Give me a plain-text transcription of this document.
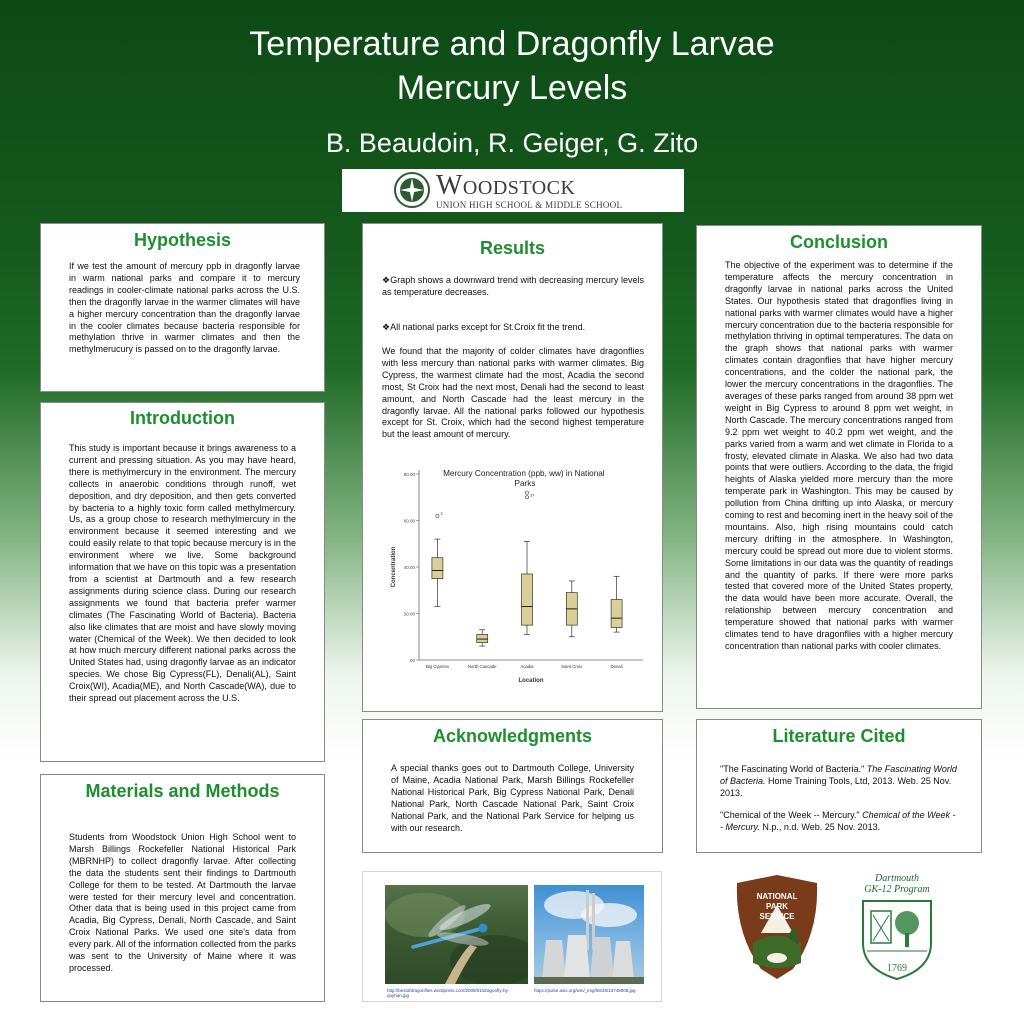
Temperature and Dragonfly Larvae
Mercury Levels
B. Beaudoin, R. Geiger, G. Zito
Woodstock
UNION HIGH SCHOOL & MIDDLE SCHOOL
Hypothesis
If we test the amount of mercury ppb in dragonfly larvae in warm national parks and compare it to mercury readings in cooler-climate national parks across the U.S. then the dragonfly larvae in the warmer climates will have a higher mercury concentration than the dragonfly larvae in the cooler climates because bacteria responsible for methylation thrive in warmer climates and then the methylmerucury is passed on to the dragonfly larvae.
Introduction
This study is important because it brings awareness to a current and pressing situation. As you may have heard, there is methylmercury in the environment. The mercury collects in anaerobic conditions through runoff, wet deposition, and dry deposition, and then gets converted by bacteria to a highly toxic form called methylmercury. Us, as a group chose to research methylmercury in the environment because it seemed interesting and we could easily relate to that topic because mercury is in the environment where we live. Some background information that we have on this topic was a presentation from a scientist at Dartmouth and a few research assignments during science class. During our research assignments we found that bacteria prefer warmer climates (The Fascinating World of Bacteria). Bacteria also like climates that are moist and have slowly moving water (Chemical of the Week). We then decided to look at how much mercury different national parks across the United States had, using dragonfly larvae as an indicator species. We chose Big Cypress(FL), Denali(AL), Saint Croix(WI), Acadia(ME), and North Cascade(WA), due to their spread out placement across the U.S.
Materials and Methods
Students from Woodstock Union High School went to Marsh Billings Rockefeller National Historical Park (MBRNHP) to collect dragonfly larvae. After collecting the data the students sent their findings to Dartmouth College for them to be tested. At Dartmouth the larvae were tested for their mercury level and concentration. Other data that is being used in this project came from Acadia, Big Cypress, Denali, North Cascade, and Saint Croix National Parks. We used one site's data from every park. All of the information collected from the parks was sent to the University of Maine where it was processed.
Results
❖Graph shows a downward trend with decreasing mercury levels as temperature decreases.
❖All national parks except for St.Croix fit the trend.
We found that the majority of colder climates have dragonflies with less mercury than national parks with warmer climates. Big Cypress, the warmest climate had the most, Acadia the second most, St Croix had the next most, Denali had the second to least amount, and North Cascade had the least mercury in the dragonfly larvae. All the national parks followed our hypothesis except for St. Croix, which had the second highest temperature but the least amount of mercury.
Mercury Concentration (ppb, ww) in National Parks
.00
20.00
40.00
60.00
80.00
Concentration
Location
Big Cypress	North Cascade	Acadia	Saint Croix	Denali
3
37
Conclusion
The objective of the experiment was to determine if the temperature affects the mercury concentration in dragonfly larvae in national parks across the United States. Our hypothesis stated that dragonflies living in national parks with warmer climates would have a higher mercury concentration due to the bacteria responsible for methylation thriving in optimal temperatures. The data on the graph shows that national parks with warmer climates contain dragonflies that have higher mercury concentrations, and the colder the national park, the lower the mercury concentrations in the dragonflies. The averages of these parks ranged from around 38 ppm wet weight in Big Cypress to around 8 ppm wet weight, in North Cascade. The mercury concentrations ranged from 9.2 ppm wet weight to 40.2 ppm wet weight, and the parks varied from a warm and wet climate in Florida to a frosty, elevated climate in Alaska. We also had two data points that were outliers. According to the data, the frigid heights of Alaska yielded more mercury than the more temperate park in Washington. This may be caused by pollution from China drifting up into Alaska, or mercury coming to rest and becoming inert in the heavy soil of the mountains. Also, high rising mountains could catch mercury drifting in the atmosphere. In Washington, mercury could be spread out more due to violent storms. Some limitations in our data was the quantity of readings and the quantity of parks. If there were more parks tested that covered more of the United States property, the data would have been more accurate. Overall, the relationship between mercury concentration and temperature showed that national parks with warmer climates tend to have dragonflies with a higher mercury concentration than national parks with cooler climates.
Acknowledgments
A special thanks goes out to Dartmouth College, University of Maine, Acadia National Park, Marsh Billings Rockefeller National Historical Park, Big Cypress National Park, Denali National Park, North Cascade National Park, Saint Croix National Park, and the National Park Service for helping us with our research.
Literature Cited
"The Fascinating World of Bacteria." The Fascinating World of Bacteria. Home Training Tools, Ltd, 2013. Web. 25 Nov. 2013.
"Chemical of the Week -- Mercury." Chemical of the Week -- Mercury. N.p., n.d. Web. 25 Nov. 2013.
http://bestofdragonflies.wordpress.com/2009/01/dragonfly-by-quyhan.jpg
https://pulse.asis.org/wm/_img/08/26/13748008.jpg
NATIONAL
PARK
SERVICE
Dartmouth
GK-12 Program
1769
